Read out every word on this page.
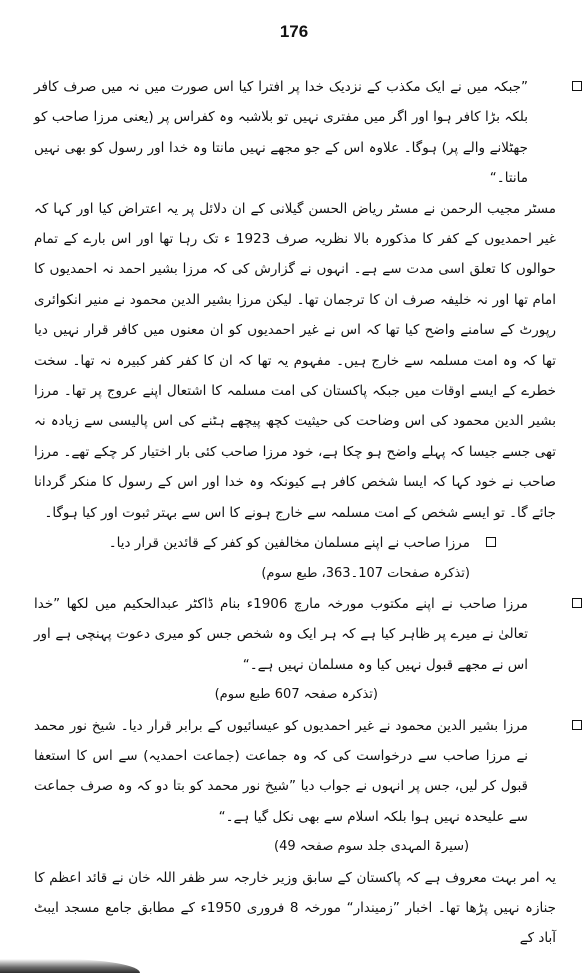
176

”جبکہ میں نے ایک مکذب کے نزدیک خدا پر افترا کیا اس صورت میں نہ میں صرف کافر بلکہ بڑا کافر ہوا اور اگر میں مفتری نہیں تو بلاشبہ وہ کفراس پر (یعنی مرزا صاحب کو جھٹلانے والے پر) ہوگا۔ علاوہ اس کے جو مجھے نہیں مانتا وہ خدا اور رسول کو بھی نہیں مانتا۔“

مسٹر مجیب الرحمن نے مسٹر ریاض الحسن گیلانی کے ان دلائل پر یہ اعتراض کیا اور کہا کہ غیر احمدیوں کے کفر کا مذکورہ بالا نظریہ صرف 1923 ء تک رہا تھا اور اس بارے کے تمام حوالوں کا تعلق اسی مدت سے ہے۔ انہوں نے گزارش کی کہ مرزا بشیر احمد نہ احمدیوں کا امام تھا اور نہ خلیفہ صرف ان کا ترجمان تھا۔ لیکن مرزا بشیر الدین محمود نے منیر انکوائری رپورٹ کے سامنے واضح کیا تھا کہ اس نے غیر احمدیوں کو ان معنوں میں کافر قرار نہیں دیا تھا کہ وہ امت مسلمہ سے خارج ہیں۔ مفہوم یہ تھا کہ ان کا کفر کفر کبیرہ نہ تھا۔ سخت خطرے کے ایسے اوقات میں جبکہ پاکستان کی امت مسلمہ کا اشتعال اپنے عروج پر تھا۔ مرزا بشیر الدین محمود کی اس وضاحت کی حیثیت کچھ پیچھے ہٹنے کی اس پالیسی سے زیادہ نہ تھی جسے جیسا کہ پہلے واضح ہو چکا ہے، خود مرزا صاحب کئی بار اختیار کر چکے تھے۔ مرزا صاحب نے خود کہا کہ ایسا شخص کافر ہے کیونکہ وہ خدا اور اس کے رسول کا منکر گردانا جائے گا۔ تو ایسے شخص کے امت مسلمہ سے خارج ہونے کا اس سے بہتر ثبوت اور کیا ہوگا۔

مرزا صاحب نے اپنے مسلمان مخالفین کو کفر کے قائدین قرار دیا۔
(تذکرہ صفحات 107۔363، طبع سوم)

مرزا صاحب نے اپنے مکتوب مورخہ مارچ 1906ء بنام ڈاکٹر عبدالحکیم میں لکھا ”خدا تعالیٰ نے میرے پر ظاہر کیا ہے کہ ہر ایک وہ شخص جس کو میری دعوت پہنچی ہے اور اس نے مجھے قبول نہیں کیا وہ مسلمان نہیں ہے۔“
(تذکرہ صفحہ 607 طبع سوم)

مرزا بشیر الدین محمود نے غیر احمدیوں کو عیسائیوں کے برابر قرار دیا۔ شیخ نور محمد نے مرزا صاحب سے درخواست کی کہ وہ جماعت (جماعت احمدیہ) سے اس کا استعفا قبول کر لیں، جس پر انہوں نے جواب دیا ”شیخ نور محمد کو بتا دو کہ وہ صرف جماعت سے علیحدہ نہیں ہوا بلکہ اسلام سے بھی نکل گیا ہے۔“
(سیرۃ المہدی جلد سوم صفحہ 49)

یہ امر بہت معروف ہے کہ پاکستان کے سابق وزیر خارجہ سر ظفر اللہ خان نے قائد اعظم کا جنازہ نہیں پڑھا تھا۔ اخبار ”زمیندار“ مورخہ 8 فروری 1950ء کے مطابق جامع مسجد ایبٹ آباد کے
